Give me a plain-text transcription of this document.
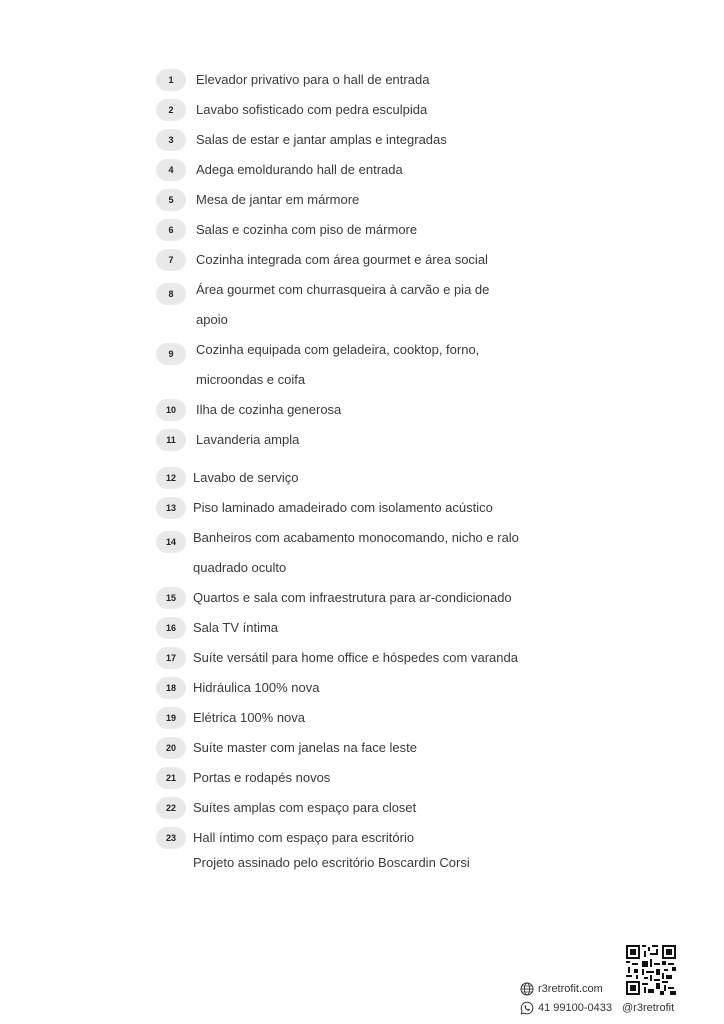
1	Elevador privativo para o hall de entrada
2	Lavabo sofisticado com pedra esculpida
3	Salas de estar e jantar amplas e integradas
4	Adega emoldurando hall de entrada
5	Mesa de jantar em mármore
6	Salas e cozinha com piso de mármore
7	Cozinha integrada com área gourmet e área social
8	Área gourmet com churrasqueira à carvão e pia de
apoio
9	Cozinha equipada com geladeira, cooktop, forno,
microondas e coifa
10	Ilha de cozinha generosa
11	Lavanderia ampla
12	Lavabo de serviço
13	Piso laminado amadeirado com isolamento acústico
14	Banheiros com acabamento monocomando, nicho e ralo
quadrado oculto
15	Quartos e sala com infraestrutura para ar-condicionado
16	Sala TV íntima
17	Suíte versátil para home office e hóspedes com varanda
18	Hidráulica 100% nova
19	Elétrica 100% nova
20	Suíte master com janelas na face leste
21	Portas e rodapés novos
22	Suítes amplas com espaço para closet
23	Hall íntimo com espaço para escritório
Projeto assinado pelo escritório Boscardin Corsi
r3retrofit.com
41 99100-0433 @r3retrofit
